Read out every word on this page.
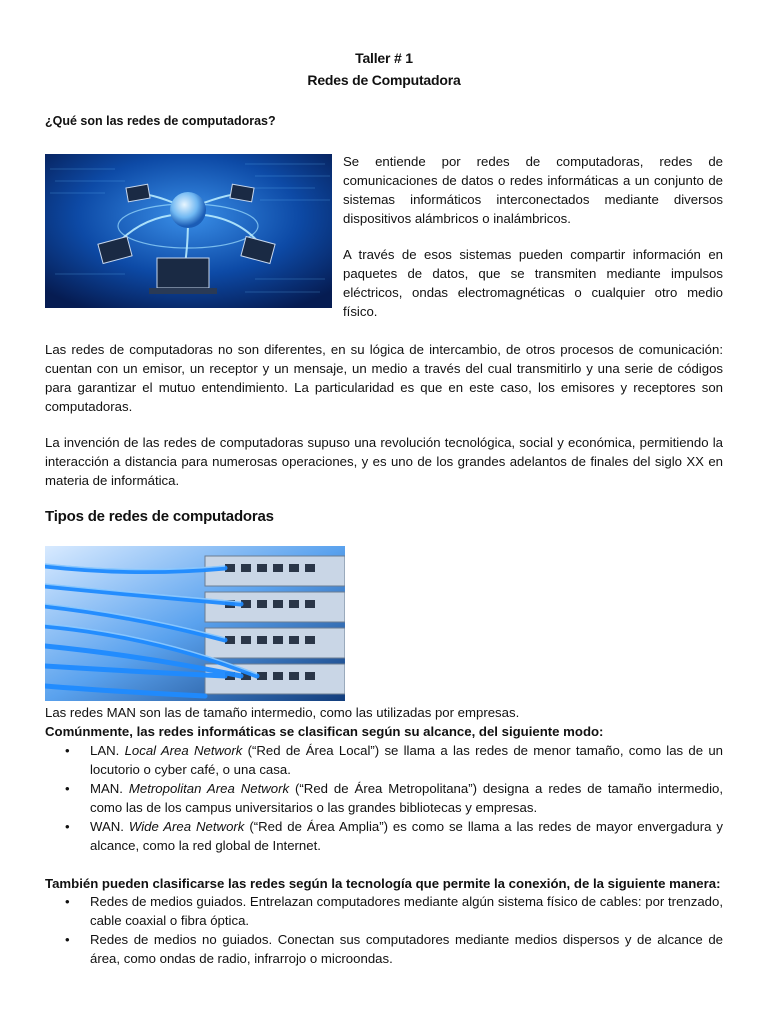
Taller # 1
Redes de Computadora
¿Qué son las redes de computadoras?
Se entiende por redes de computadoras, redes de comunicaciones de datos o redes informáticas a un conjunto de sistemas informáticos interconectados mediante diversos dispositivos alámbricos o inalámbricos.
A través de esos sistemas pueden compartir información en paquetes de datos, que se transmiten mediante impulsos eléctricos, ondas electromagnéticas o cualquier otro medio físico.
Las redes de computadoras no son diferentes, en su lógica de intercambio, de otros procesos de comunicación: cuentan con un emisor, un receptor y un mensaje, un medio a través del cual transmitirlo y una serie de códigos para garantizar el mutuo entendimiento. La particularidad es que en este caso, los emisores y receptores son computadoras.
La invención de las redes de computadoras supuso una revolución tecnológica, social y económica, permitiendo la interacción a distancia para numerosas operaciones, y es uno de los grandes adelantos de finales del siglo XX en materia de informática.
Tipos de redes de computadoras
Las redes MAN son las de tamaño intermedio, como las utilizadas por empresas.
Comúnmente, las redes informáticas se clasifican según su alcance, del siguiente modo:
• LAN. Local Area Network (“Red de Área Local”) se llama a las redes de menor tamaño, como las de un locutorio o cyber café, o una casa.
• MAN. Metropolitan Area Network (“Red de Área Metropolitana”) designa a redes de tamaño intermedio, como las de los campus universitarios o las grandes bibliotecas y empresas.
• WAN. Wide Area Network (“Red de Área Amplia”) es como se llama a las redes de mayor envergadura y alcance, como la red global de Internet.
También pueden clasificarse las redes según la tecnología que permite la conexión, de la siguiente manera:
• Redes de medios guiados. Entrelazan computadores mediante algún sistema físico de cables: por trenzado, cable coaxial o fibra óptica.
• Redes de medios no guiados. Conectan sus computadores mediante medios dispersos y de alcance de área, como ondas de radio, infrarrojo o microondas.
